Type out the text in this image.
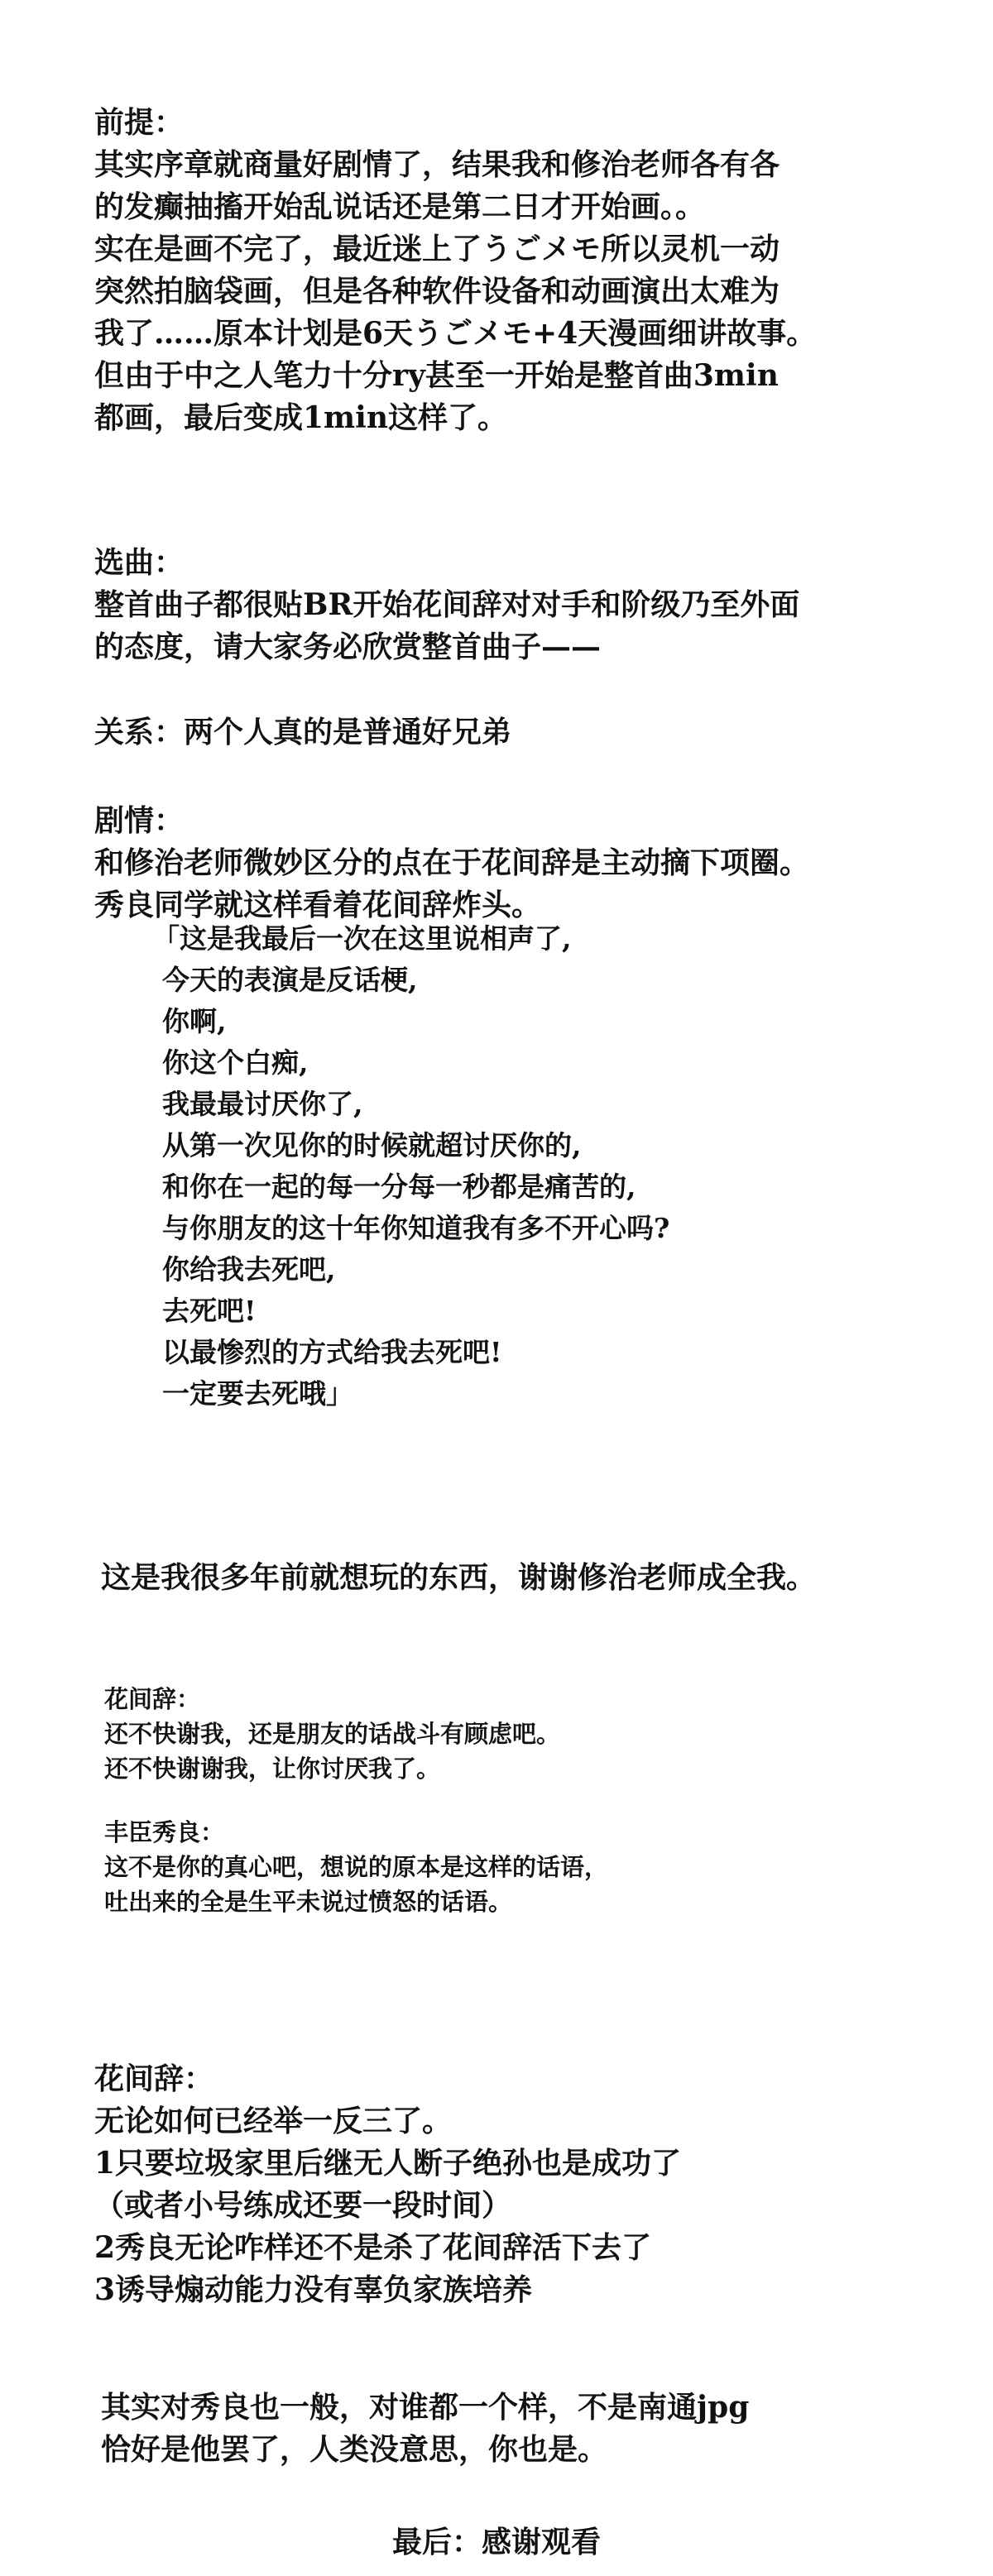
前提：
其实序章就商量好剧情了，结果我和修治老师各有各
的发癫抽搐开始乱说话还是第二日才开始画。。
实在是画不完了，最近迷上了うごメモ所以灵机一动
突然拍脑袋画，但是各种软件设备和动画演出太难为
我了……原本计划是6天うごメモ+4天漫画细讲故事。
但由于中之人笔力十分ry甚至一开始是整首曲3min
都画，最后变成1min这样了。
选曲：
整首曲子都很贴BR开始花间辞对对手和阶级乃至外面
的态度，请大家务必欣赏整首曲子——
关系：两个人真的是普通好兄弟
剧情：
和修治老师微妙区分的点在于花间辞是主动摘下项圈。
秀良同学就这样看着花间辞炸头。
「这是我最后一次在这里说相声了,
今天的表演是反话梗,
你啊,
你这个白痴,
我最最讨厌你了,
从第一次见你的时候就超讨厌你的,
和你在一起的每一分每一秒都是痛苦的,
与你朋友的这十年你知道我有多不开心吗?
你给我去死吧,
去死吧!
以最惨烈的方式给我去死吧!
一定要去死哦」
这是我很多年前就想玩的东西，谢谢修治老师成全我。
花间辞：
还不快谢我，还是朋友的话战斗有顾虑吧。
还不快谢谢我，让你讨厌我了。
丰臣秀良：
这不是你的真心吧，想说的原本是这样的话语，
吐出来的全是生平未说过愤怒的话语。
花间辞：
无论如何已经举一反三了。
1只要垃圾家里后继无人断子绝孙也是成功了
（或者小号练成还要一段时间）
2秀良无论咋样还不是杀了花间辞活下去了
3诱导煽动能力没有辜负家族培养
其实对秀良也一般，对谁都一个样，不是南通jpg
恰好是他罢了，人类没意思，你也是。
最后：感谢观看
